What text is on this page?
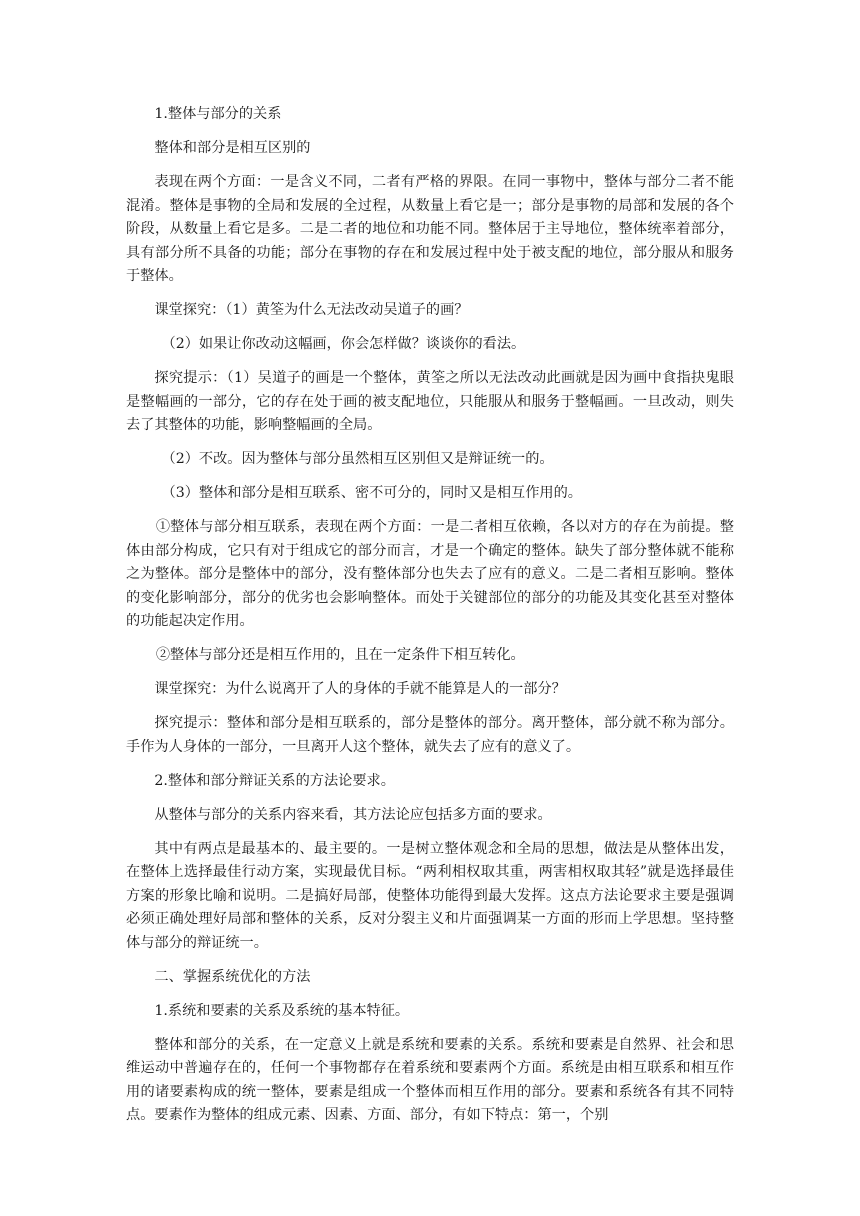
1.整体与部分的关系

整体和部分是相互区别的

表现在两个方面：一是含义不同，二者有严格的界限。在同一事物中，整体与部分二者不能混淆。整体是事物的全局和发展的全过程，从数量上看它是一；部分是事物的局部和发展的各个阶段，从数量上看它是多。二是二者的地位和功能不同。整体居于主导地位，整体统率着部分，具有部分所不具备的功能；部分在事物的存在和发展过程中处于被支配的地位，部分服从和服务于整体。

课堂探究：（1）黄筌为什么无法改动吴道子的画？

（2）如果让你改动这幅画，你会怎样做？谈谈你的看法。

探究提示：（1）吴道子的画是一个整体，黄筌之所以无法改动此画就是因为画中食指抉鬼眼是整幅画的一部分，它的存在处于画的被支配地位，只能服从和服务于整幅画。一旦改动，则失去了其整体的功能，影响整幅画的全局。

（2）不改。因为整体与部分虽然相互区别但又是辩证统一的。

（3）整体和部分是相互联系、密不可分的，同时又是相互作用的。

①整体与部分相互联系，表现在两个方面：一是二者相互依赖，各以对方的存在为前提。整体由部分构成，它只有对于组成它的部分而言，才是一个确定的整体。缺失了部分整体就不能称之为整体。部分是整体中的部分，没有整体部分也失去了应有的意义。二是二者相互影响。整体的变化影响部分，部分的优劣也会影响整体。而处于关键部位的部分的功能及其变化甚至对整体的功能起决定作用。

②整体与部分还是相互作用的，且在一定条件下相互转化。

课堂探究：为什么说离开了人的身体的手就不能算是人的一部分？

探究提示：整体和部分是相互联系的，部分是整体的部分。离开整体，部分就不称为部分。手作为人身体的一部分，一旦离开人这个整体，就失去了应有的意义了。

2.整体和部分辩证关系的方法论要求。

从整体与部分的关系内容来看，其方法论应包括多方面的要求。

其中有两点是最基本的、最主要的。一是树立整体观念和全局的思想，做法是从整体出发，在整体上选择最佳行动方案，实现最优目标。“两利相权取其重，两害相权取其轻”就是选择最佳方案的形象比喻和说明。二是搞好局部，使整体功能得到最大发挥。这点方法论要求主要是强调必须正确处理好局部和整体的关系，反对分裂主义和片面强调某一方面的形而上学思想。坚持整体与部分的辩证统一。

二、掌握系统优化的方法

1.系统和要素的关系及系统的基本特征。

整体和部分的关系，在一定意义上就是系统和要素的关系。系统和要素是自然界、社会和思维运动中普遍存在的，任何一个事物都存在着系统和要素两个方面。系统是由相互联系和相互作用的诸要素构成的统一整体，要素是组成一个整体而相互作用的部分。要素和系统各有其不同特点。要素作为整体的组成元素、因素、方面、部分，有如下特点：第一，个别
